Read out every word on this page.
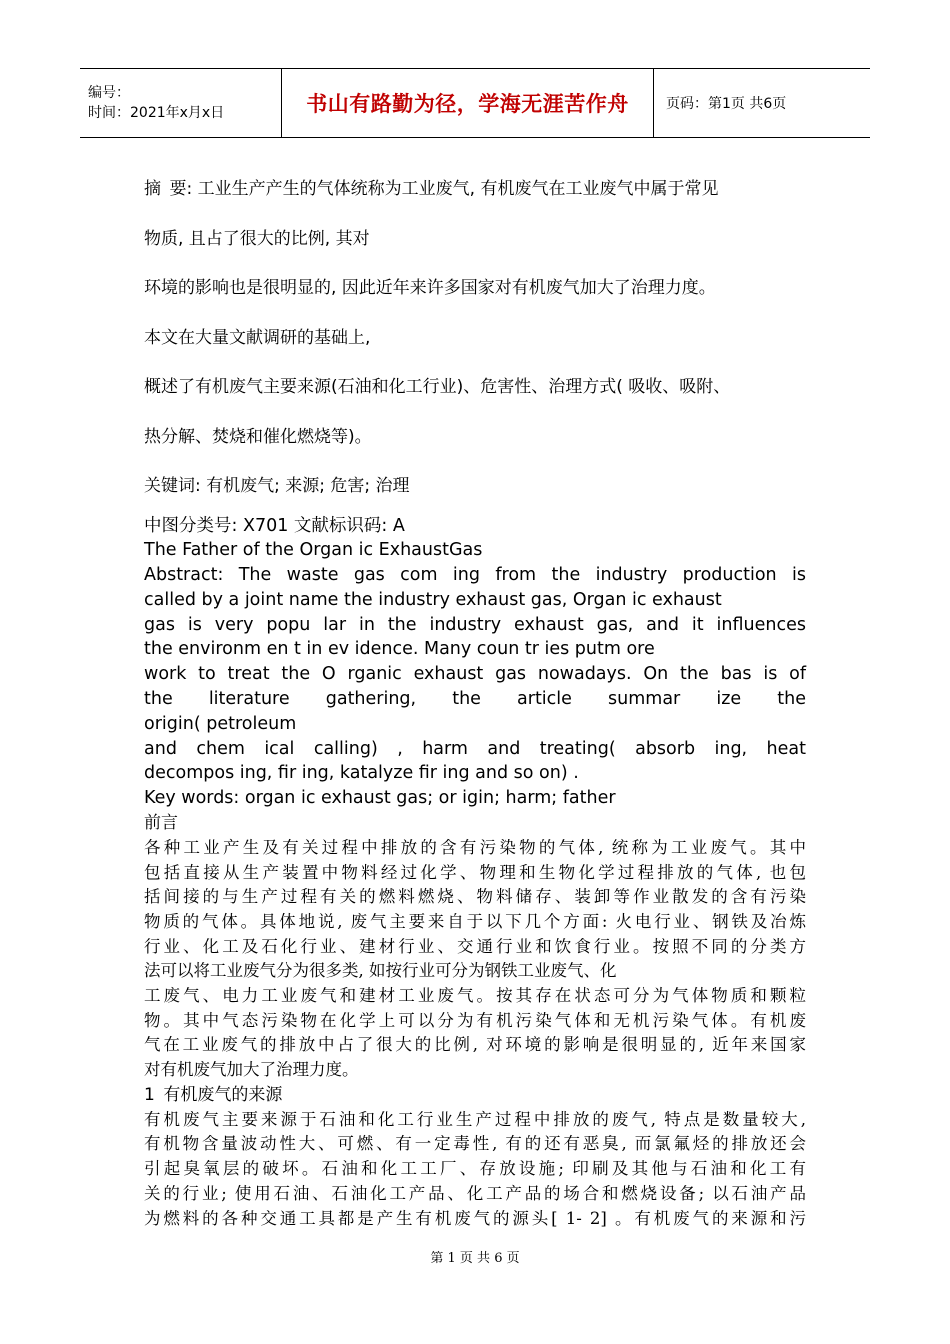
编号：
时间：2021年x月x日	书山有路勤为径，学海无涯苦作舟	页码：第1页 共6页

摘 要: 工业生产产生的气体统称为工业废气, 有机废气在工业废气中属于常见

物质, 且占了很大的比例, 其对

环境的影响也是很明显的, 因此近年来许多国家对有机废气加大了治理力度。

本文在大量文献调研的基础上,

概述了有机废气主要来源(石油和化工行业)、危害性、治理方式( 吸收、吸附、

热分解、焚烧和催化燃烧等)。

关键词: 有机废气; 来源; 危害; 治理

中图分类号: X701 文献标识码: A

The Father of the Organ ic ExhaustGas

Abstract: The waste gas com ing from the industry production is

called by a joint name the industry exhaust gas, Organ ic exhaust

gas is very popu lar in the industry exhaust gas, and it influences

the environm en t in ev idence. Many coun tr ies putm ore

work to treat the O rganic exhaust gas nowadays. On the bas is of

the literature gathering, the article summar ize the

origin( petroleum

and chem ical calling) , harm and treating( absorb ing, heat

decompos ing, fir ing, katalyze fir ing and so on) .

Key words: organ ic exhaust gas; or igin; harm; father

前言

各种工业产生及有关过程中排放的含有污染物的气体, 统称为工业废气。其中

包括直接从生产装置中物料经过化学、物理和生物化学过程排放的气体, 也包

括间接的与生产过程有关的燃料燃烧、物料储存、装卸等作业散发的含有污染

物质的气体。具体地说, 废气主要来自于以下几个方面: 火电行业、钢铁及冶炼

行业、化工及石化行业、建材行业、交通行业和饮食行业。按照不同的分类方

法可以将工业废气分为很多类, 如按行业可分为钢铁工业废气、化

工废气、电力工业废气和建材工业废气。按其存在状态可分为气体物质和颗粒

物。其中气态污染物在化学上可以分为有机污染气体和无机污染气体。有机废

气在工业废气的排放中占了很大的比例, 对环境的影响是很明显的, 近年来国家

对有机废气加大了治理力度。

1 有机废气的来源

有机废气主要来源于石油和化工行业生产过程中排放的废气, 特点是数量较大,

有机物含量波动性大、可燃、有一定毒性, 有的还有恶臭, 而氯氟烃的排放还会

引起臭氧层的破坏。石油和化工工厂、存放设施; 印刷及其他与石油和化工有

关的行业; 使用石油、石油化工产品、化工产品的场合和燃烧设备; 以石油产品

为燃料的各种交通工具都是产生有机废气的源头[ 1- 2] 。有机废气的来源和污

第 1 页 共 6 页
